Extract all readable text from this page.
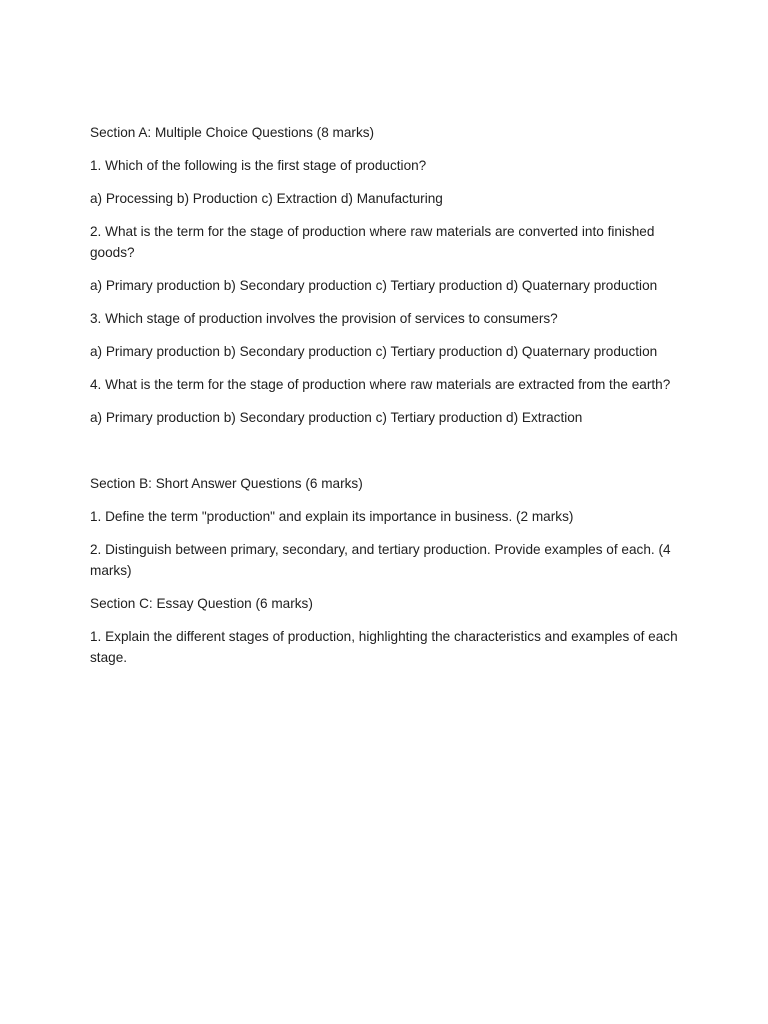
Section A: Multiple Choice Questions (8 marks)

1. Which of the following is the first stage of production?

a) Processing b) Production c) Extraction d) Manufacturing

2. What is the term for the stage of production where raw materials are converted into finished goods?

a) Primary production b) Secondary production c) Tertiary production d) Quaternary production

3. Which stage of production involves the provision of services to consumers?

a) Primary production b) Secondary production c) Tertiary production d) Quaternary production

4. What is the term for the stage of production where raw materials are extracted from the earth?

a) Primary production b) Secondary production c) Tertiary production d) Extraction

Section B: Short Answer Questions (6 marks)

1. Define the term "production" and explain its importance in business. (2 marks)

2. Distinguish between primary, secondary, and tertiary production. Provide examples of each. (4 marks)

Section C: Essay Question (6 marks)

1. Explain the different stages of production, highlighting the characteristics and examples of each stage.
